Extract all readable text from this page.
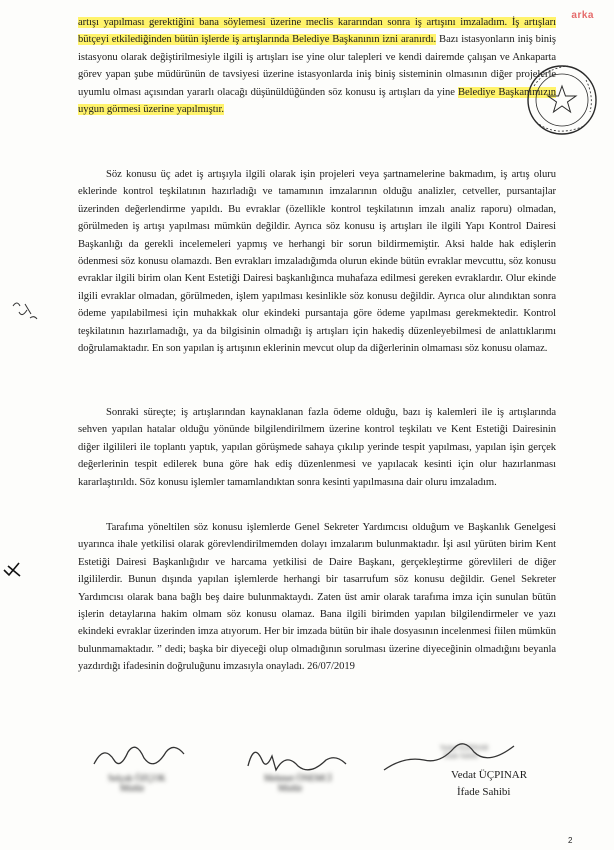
arka

artışı yapılması gerektiğini bana söylemesi üzerine meclis kararından sonra iş artışını imzaladım. İş artışları bütçeyi etkilediğinden bütün işlerde iş artışlarında Belediye Başkanının izni aranırdı. Bazı istasyonların iniş biniş istasyonu olarak değiştirilmesiyle ilgili iş artışları ise yine olur talepleri ve kendi dairemde çalışan ve Ankaparta görev yapan şube müdürünün de tavsiyesi üzerine istasyonlarda iniş biniş sisteminin olmasının diğer projelerle uyumlu olması açısından yararlı olacağı düşünüldüğünden söz konusu iş artışları da yine Belediye Başkanımızın uygun görmesi üzerine yapılmıştır.

Söz konusu üç adet iş artışıyla ilgili olarak işin projeleri veya şartnamelerine bakmadım, iş artış oluru eklerinde kontrol teşkilatının hazırladığı ve tamamının imzalarının olduğu analizler, cetveller, pursantajlar üzerinden değerlendirme yapıldı. Bu evraklar (özellikle kontrol teşkilatının imzalı analiz raporu) olmadan, görülmeden iş artışı yapılması mümkün değildir. Ayrıca söz konusu iş artışları ile ilgili Yapı Kontrol Dairesi Başkanlığı da gerekli incelemeleri yapmış ve herhangi bir sorun bildirmemiştir. Aksi halde hak edişlerin ödenmesi söz konusu olamazdı. Ben evrakları imzaladığımda olurun ekinde bütün evraklar mevcuttu, söz konusu evraklar ilgili birim olan Kent Estetiği Dairesi başkanlığınca muhafaza edilmesi gereken evraklardır. Olur ekinde ilgili evraklar olmadan, görülmeden, işlem yapılması kesinlikle söz konusu değildir. Ayrıca olur alındıktan sonra ödeme yapılabilmesi için muhakkak olur ekindeki pursantaja göre ödeme yapılması gerekmektedir. Kontrol teşkilatının hazırlamadığı, ya da bilgisinin olmadığı iş artışları için hakediş düzenleyebilmesi de anlattıklarımı doğrulamaktadır. En son yapılan iş artışının eklerinin mevcut olup da diğerlerinin olmaması söz konusu olamaz.

Sonraki süreçte; iş artışlarından kaynaklanan fazla ödeme olduğu, bazı iş kalemleri ile iş artışlarında sehven yapılan hatalar olduğu yönünde bilgilendirilmem üzerine kontrol teşkilatı ve Kent Estetiği Dairesinin diğer ilgilileri ile toplantı yaptık, yapılan görüşmede sahaya çıkılıp yerinde tespit yapılması, yapılan işin gerçek değerlerinin tespit edilerek buna göre hak ediş düzenlenmesi ve yapılacak kesinti için olur hazırlanması kararlaştırıldı. Söz konusu işlemler tamamlandıktan sonra kesinti yapılmasına dair oluru imzaladım.

Tarafıma yöneltilen söz konusu işlemlerde Genel Sekreter Yardımcısı olduğum ve Başkanlık Genelgesi uyarınca ihale yetkilisi olarak görevlendirilmemden dolayı imzalarım bulunmaktadır. İşi asıl yürüten birim Kent Estetiği Dairesi Başkanlığıdır ve harcama yetkilisi de Daire Başkanı, gerçekleştirme görevlileri de diğer ilgililerdir. Bunun dışında yapılan işlemlerde herhangi bir tasarrufum söz konusu değildir. Genel Sekreter Yardımcısı olarak bana bağlı beş daire bulunmaktaydı. Zaten üst amir olarak tarafıma imza için sunulan bütün işlerin detaylarına hakim olmam söz konusu olamaz. Bana ilgili birimden yapılan bilgilendirmeler ve yazı ekindeki evraklar üzerinden imza atıyorum. Her bir imzada bütün bir ihale dosyasının incelenmesi fiilen mümkün bulunmamaktadır. ” dedi; başka bir diyeceği olup olmadığının sorulması üzerine diyeceğinin olmadığını beyanla yazdırdığı ifadesinin doğruluğunu imzasıyla onayladı. 26/07/2019

Selçuk ÖZÇOK
Müdür
Mehmet ÖNEMCİ
Müdür
Vedat ÜÇPINAR
İfade Sahibi
Vedat ÜÇPINAR
İfade Sahibi
2
